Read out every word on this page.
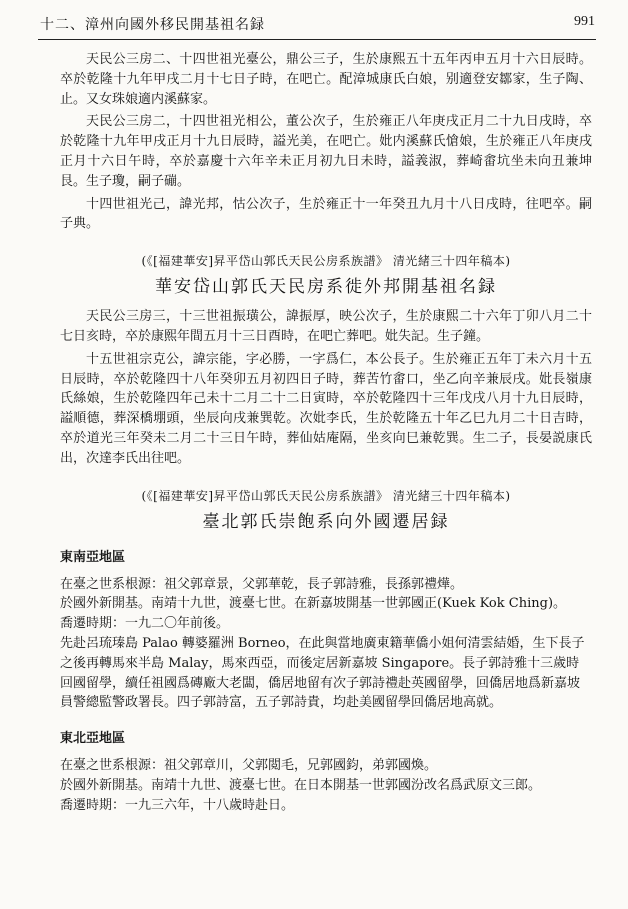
十二、漳州向國外移民開基祖名録	991

天民公三房二、十四世祖光臺公，鼎公三子，生於康熙五十五年丙申五月十六日辰時。卒於乾隆十九年甲戌二月十七日子時，在吧亡。配漳城康氏白娘，别適登安鄒家，生子陶、止。又女珠娘適内溪蘇家。

天民公三房二，十四世祖光相公，董公次子，生於雍正八年庚戌正月二十九日戌時，卒於乾隆十九年甲戌正月十九日辰時，謚光美，在吧亡。妣内溪蘇氏愴娘，生於雍正八年庚戌正月十六日午時，卒於嘉慶十六年辛未正月初九日未時，謚義淑，葬崎畬坑坐未向丑兼坤艮。生子瓊，嗣子磞。

十四世祖光己，諱光邦，怙公次子，生於雍正十一年癸丑九月十八日戌時，往吧卒。嗣子典。

(《[福建華安]昇平岱山郭氏天民公房系族譜》 清光緒三十四年稿本)
華安岱山郭氏天民房系徙外邦開基祖名録

天民公三房三，十三世祖振璜公，諱振厚，映公次子，生於康熙二十六年丁卯八月二十七日亥時，卒於康熙年間五月十三日酉時，在吧亡葬吧。妣失記。生子鐘。

十五世祖宗克公，諱宗能，字必勝，一字爲仁，本公長子。生於雍正五年丁未六月十五日辰時，卒於乾隆四十八年癸卯五月初四日子時，葬苦竹畬口，坐乙向辛兼辰戌。妣長嶺康氏絲娘，生於乾隆四年己未十二月二十二日寅時，卒於乾隆四十三年戊戌八月十九日辰時，謚順德，葬深橋堋頭，坐辰向戌兼巽乾。次妣李氏，生於乾隆五十年乙巳九月二十日吉時，卒於道光三年癸未二月二十三日午時，葬仙姑庵隔，坐亥向巳兼乾巽。生二子，長晏説康氏出，次達李氏出往吧。

(《[福建華安]昇平岱山郭氏天民公房系族譜》 清光緒三十四年稿本)
臺北郭氏崇飽系向外國遷居録
東南亞地區

在臺之世系根源：祖父郭章景，父郭華乾，長子郭詩雅，長孫郭禮燁。

於國外新開基。南靖十九世，渡臺七世。在新嘉坡開基一世郭國正(Kuek Kok Ching)。

喬遷時期：一九二〇年前後。

先赴呂琉瑧島 Palao 轉婆羅洲 Borneo，在此與當地廣東籍華僑小姐何清雲結婚，生下長子之後再轉馬來半島 Malay，馬來西亞，而後定居新嘉坡 Singapore。長子郭詩雅十三歲時回國留學，續任祖國爲磚廠大老闆，僑居地留有次子郭詩禮赴英國留學，回僑居地爲新嘉坡員警總監警政署長。四子郭詩富，五子郭詩貴，均赴美國留學回僑居地高就。

東北亞地區

在臺之世系根源：祖父郭章川，父郭閲毛，兄郭國鈞，弟郭國煥。

於國外新開基。南靖十九世、渡臺七世。在日本開基一世郭國汾改名爲武原文三郎。

喬遷時期：一九三六年，十八歲時赴日。
